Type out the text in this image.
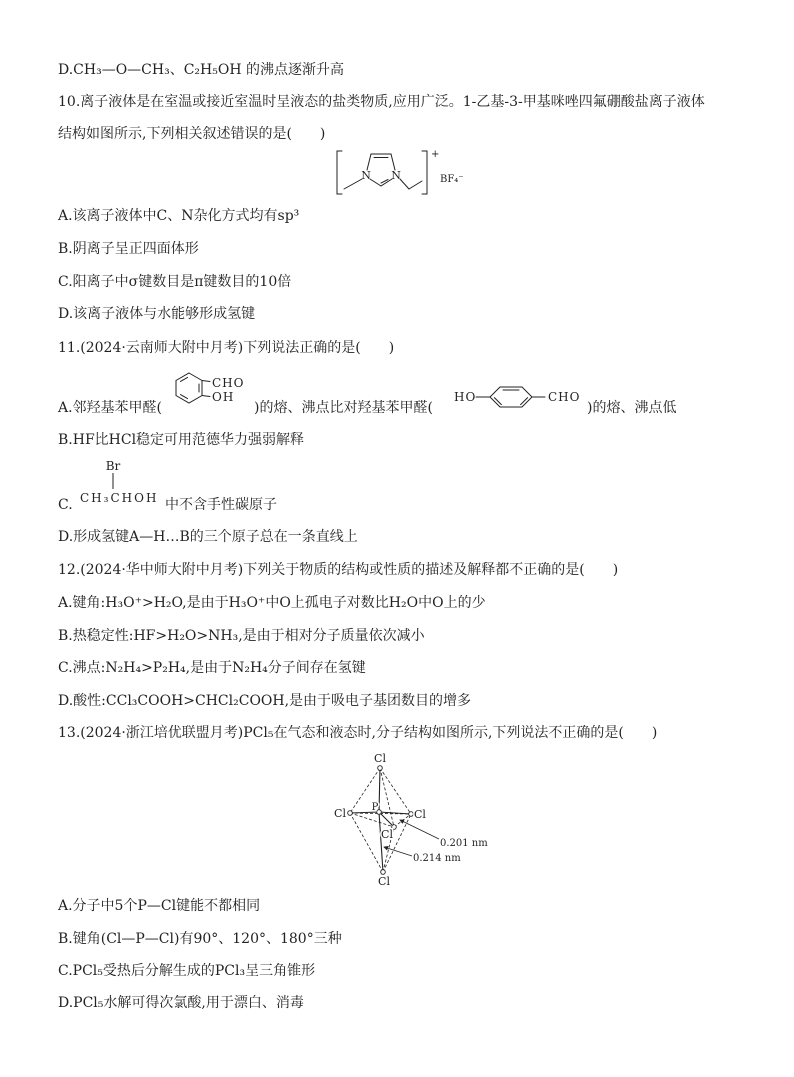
D.CH₃—O—CH₃、C₂H₅OH 的沸点逐渐升高
10.离子液体是在室温或接近室温时呈液态的盐类物质,应用广泛。1-乙基-3-甲基咪唑四氟硼酸盐离子液体
结构如图所示,下列相关叙述错误的是(　　)
N N
+
BF₄⁻
A.该离子液体中C、N杂化方式均有sp³
B.阴离子呈正四面体形
C.阳离子中σ键数目是π键数目的10倍
D.该离子液体与水能够形成氢键
11.(2024·云南师大附中月考)下列说法正确的是(　　)
A.邻羟基苯甲醛(
CHO
OH
)的熔、沸点比对羟基苯甲醛(
HO	CHO
)的熔、沸点低
B.HF比HCl稳定可用范德华力强弱解释
C.
Br
CH₃CHOH 中不含手性碳原子
D.形成氢键A—H…B的三个原子总在一条直线上
12.(2024·华中师大附中月考)下列关于物质的结构或性质的描述及解释都不正确的是(　　)
A.键角:H₃O⁺>H₂O,是由于H₃O⁺中O上孤电子对数比H₂O中O上的少
B.热稳定性:HF>H₂O>NH₃,是由于相对分子质量依次减小
C.沸点:N₂H₄>P₂H₄,是由于N₂H₄分子间存在氢键
D.酸性:CCl₃COOH>CHCl₂COOH,是由于吸电子基团数目的增多
13.(2024·浙江培优联盟月考)PCl₅在气态和液态时,分子结构如图所示,下列说法不正确的是(　　)
Cl
Cl	Cl
Cl
Cl
P
0.201 nm
0.214 nm
A.分子中5个P—Cl键能不都相同
B.键角(Cl—P—Cl)有90°、120°、180°三种
C.PCl₅受热后分解生成的PCl₃呈三角锥形
D.PCl₅水解可得次氯酸,用于漂白、消毒
